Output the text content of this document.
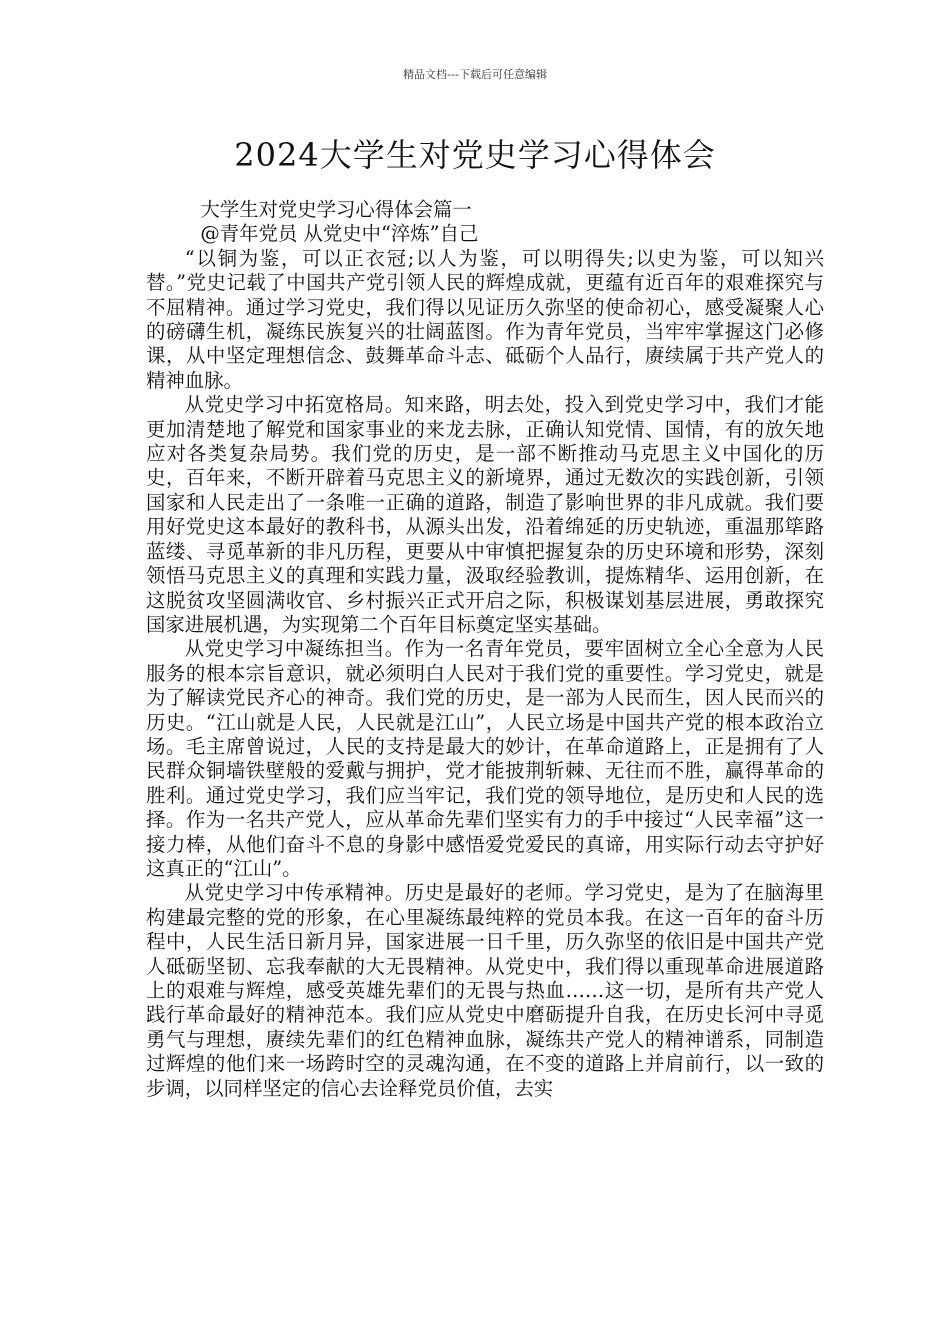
精品文档---下载后可任意编辑
2024大学生对党史学习心得体会

大学生对党史学习心得体会篇一

@青年党员 从党史中“淬炼”自己

“以铜为鉴，可以正衣冠;以人为鉴，可以明得失;以史为鉴，可以知兴替。”党史记载了中国共产党引领人民的辉煌成就，更蕴有近百年的艰难探究与不屈精神。通过学习党史，我们得以见证历久弥坚的使命初心，感受凝聚人心的磅礴生机，凝练民族复兴的壮阔蓝图。作为青年党员，当牢牢掌握这门必修课，从中坚定理想信念、鼓舞革命斗志、砥砺个人品行，赓续属于共产党人的精神血脉。

从党史学习中拓宽格局。知来路，明去处，投入到党史学习中，我们才能更加清楚地了解党和国家事业的来龙去脉，正确认知党情、国情，有的放矢地应对各类复杂局势。我们党的历史，是一部不断推动马克思主义中国化的历史，百年来，不断开辟着马克思主义的新境界，通过无数次的实践创新，引领国家和人民走出了一条唯一正确的道路，制造了影响世界的非凡成就。我们要用好党史这本最好的教科书，从源头出发，沿着绵延的历史轨迹，重温那筚路蓝缕、寻觅革新的非凡历程，更要从中审慎把握复杂的历史环境和形势，深刻领悟马克思主义的真理和实践力量，汲取经验教训，提炼精华、运用创新，在这脱贫攻坚圆满收官、乡村振兴正式开启之际，积极谋划基层进展，勇敢探究国家进展机遇，为实现第二个百年目标奠定坚实基础。

从党史学习中凝练担当。作为一名青年党员，要牢固树立全心全意为人民服务的根本宗旨意识，就必须明白人民对于我们党的重要性。学习党史，就是为了解读党民齐心的神奇。我们党的历史，是一部为人民而生，因人民而兴的历史。“江山就是人民，人民就是江山”，人民立场是中国共产党的根本政治立场。毛主席曾说过，人民的支持是最大的妙计，在革命道路上，正是拥有了人民群众铜墙铁壁般的爱戴与拥护，党才能披荆斩棘、无往而不胜，赢得革命的胜利。通过党史学习，我们应当牢记，我们党的领导地位，是历史和人民的选择。作为一名共产党人，应从革命先辈们坚实有力的手中接过“人民幸福”这一接力棒，从他们奋斗不息的身影中感悟爱党爱民的真谛，用实际行动去守护好这真正的“江山”。

从党史学习中传承精神。历史是最好的老师。学习党史，是为了在脑海里构建最完整的党的形象，在心里凝练最纯粹的党员本我。在这一百年的奋斗历程中，人民生活日新月异，国家进展一日千里，历久弥坚的依旧是中国共产党人砥砺坚韧、忘我奉献的大无畏精神。从党史中，我们得以重现革命进展道路上的艰难与辉煌，感受英雄先辈们的无畏与热血……这一切，是所有共产党人践行革命最好的精神范本。我们应从党史中磨砺提升自我，在历史长河中寻觅勇气与理想，赓续先辈们的红色精神血脉，凝练共产党人的精神谱系，同制造过辉煌的他们来一场跨时空的灵魂沟通，在不变的道路上并肩前行，以一致的步调，以同样坚定的信心去诠释党员价值，去实
